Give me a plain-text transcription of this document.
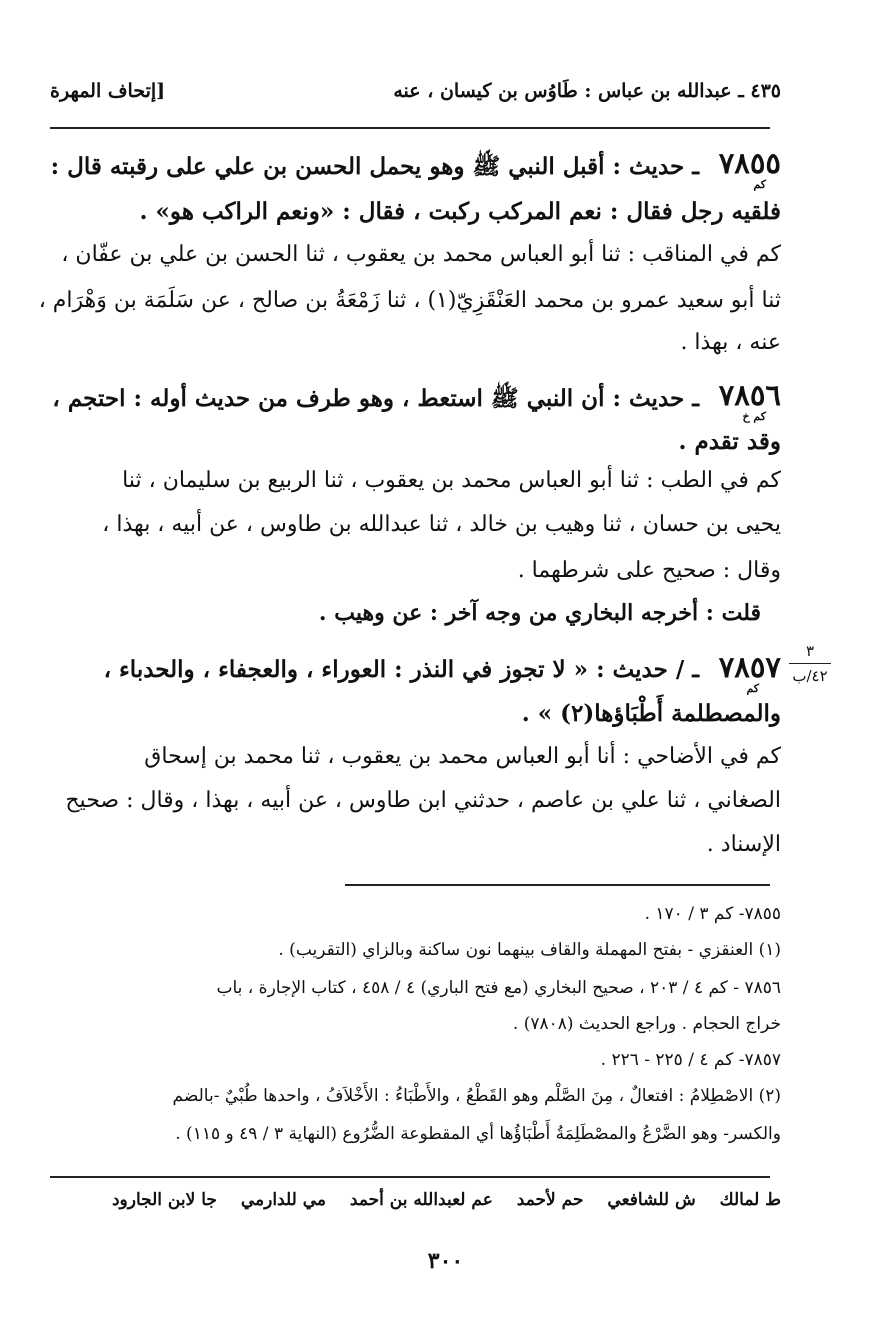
٤٣٥ ـ عبدالله بن عباس : طَاوُس بن كيسان ، عنه
[إتحاف المهرة
٧٨٥٥
كم
ـ حديث : أقبل النبي ﷺ وهو يحمل الحسن بن علي على رقبته قال :
فلقيه رجل فقال : نعم المركب ركبت ، فقال : «ونعم الراكب هو» .
كم في المناقب : ثنا أبو العباس محمد بن يعقوب ، ثنا الحسن بن علي بن عفّان ،
ثنا أبو سعيد عمرو بن محمد العَنْقَزِيّ(١) ، ثنا زَمْعَةُ بن صالح ، عن سَلَمَة بن وَهْرَام ،
عنه ، بهذا .
٧٨٥٦
كم خ
ـ حديث : أن النبي ﷺ استعط ، وهو طرف من حديث أوله : احتجم ،
وقد تقدم .
كم في الطب : ثنا أبو العباس محمد بن يعقوب ، ثنا الربيع بن سليمان ، ثنا
يحيى بن حسان ، ثنا وهيب بن خالد ، ثنا عبدالله بن طاوس ، عن أبيه ، بهذا ،
وقال : صحيح على شرطهما .
قلت : أخرجه البخاري من وجه آخر : عن وهيب .
٣
٤٢/ب
٧٨٥٧
كم
ـ / حديث : « لا تجوز في النذر : العوراء ، والعجفاء ، والحدباء ،
والمصطلمة أَطْبَاؤها(٢) » .
كم في الأضاحي : أنا أبو العباس محمد بن يعقوب ، ثنا محمد بن إسحاق
الصغاني ، ثنا علي بن عاصم ، حدثني ابن طاوس ، عن أبيه ، بهذا ، وقال : صحيح
الإسناد .
٧٨٥٥- كم ٣ / ١٧٠ .
(١) العنقزي - بفتح المهملة والقاف بينهما نون ساكنة وبالزاي (التقريب) .
٧٨٥٦ - كم ٤ / ٢٠٣ ، صحيح البخاري (مع فتح الباري) ٤ / ٤٥٨ ، كتاب الإجارة ، باب
خراج الحجام . وراجع الحديث (٧٨٠٨) .
٧٨٥٧- كم ٤ / ٢٢٥ - ٢٢٦ .
(٢) الاصْطِلامُ : افتعالٌ ، مِنَ الصَّلْم وهو القَطْعُ ، والأَطْبَاءُ : الأَخْلاَفُ ، واحدها طُبْيٌ -بالضم
والكسر- وهو الضَّرْعُ والمصْطَلِمَةُ أَطْبَاؤُها أي المقطوعة الضُّرُوع (النهاية ٣ / ٤٩ و ١١٥) .
ط لمالك ش للشافعي حم لأحمد عم لعبدالله بن أحمد مي للدارمي جا لابن الجارود
٣٠٠
